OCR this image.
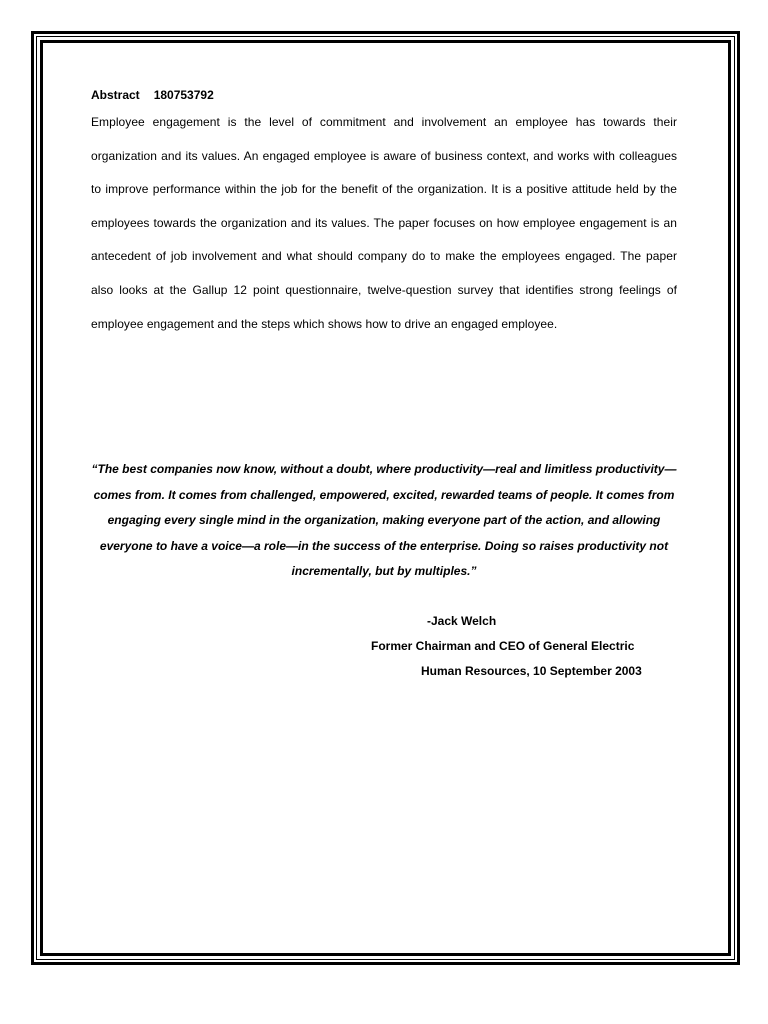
Abstract 180753792

Employee engagement is the level of commitment and involvement an employee has towards their organization and its values. An engaged employee is aware of business context, and works with colleagues to improve performance within the job for the benefit of the organization. It is a positive attitude held by the employees towards the organization and its values. The paper focuses on how employee engagement is an antecedent of job involvement and what should company do to make the employees engaged. The paper also looks at the Gallup 12 point questionnaire, twelve-question survey that identifies strong feelings of employee engagement and the steps which shows how to drive an engaged employee.

“The best companies now know, without a doubt, where productivity—real and limitless productivity—comes from. It comes from challenged, empowered, excited, rewarded teams of people. It comes from engaging every single mind in the organization, making everyone part of the action, and allowing everyone to have a voice—a role—in the success of the enterprise. Doing so raises productivity not incrementally, but by multiples.”
-Jack Welch
Former Chairman and CEO of General Electric
Human Resources, 10 September 2003
